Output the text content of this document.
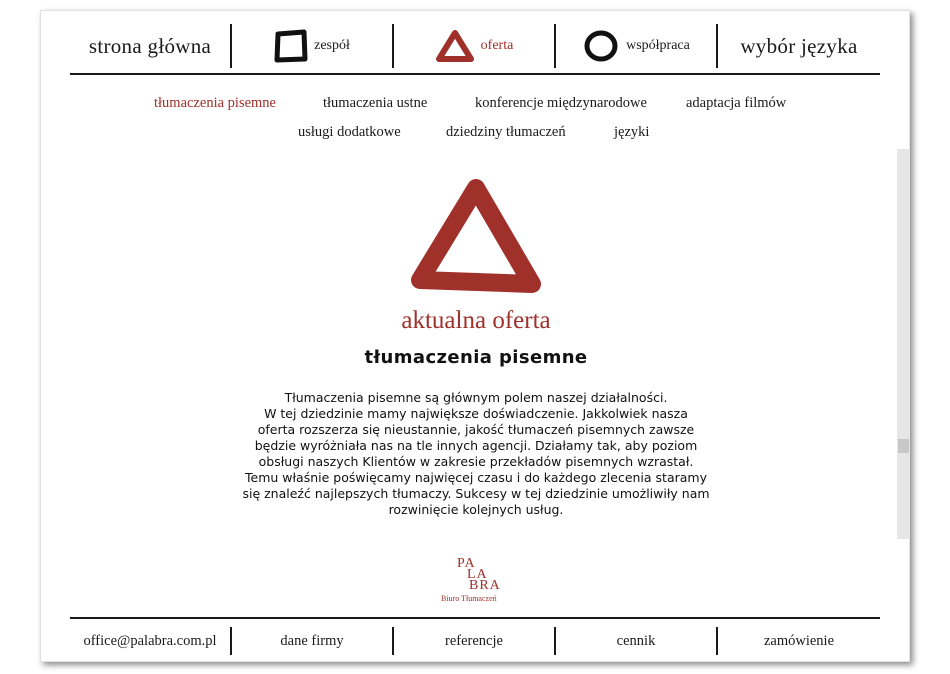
strona główna	zespół	oferta	współpraca	wybór języka
tłumaczenia pisemne	tłumaczenia ustne	konferencje międzynarodowe	adaptacja filmów
usługi dodatkowe	dziedziny tłumaczeń	języki
aktualna oferta
tłumaczenia pisemne
Tłumaczenia pisemne są głównym polem naszej działalności.
W tej dziedzinie mamy największe doświadczenie. Jakkolwiek nasza
oferta rozszerza się nieustannie, jakość tłumaczeń pisemnych zawsze
będzie wyróżniała nas na tle innych agencji. Działamy tak, aby poziom
obsługi naszych Klientów w zakresie przekładów pisemnych wzrastał.
Temu właśnie poświęcamy najwięcej czasu i do każdego zlecenia staramy
się znaleźć najlepszych tłumaczy. Sukcesy w tej dziedzinie umożliwiły nam
rozwinięcie kolejnych usług.
PA
LA
BRA
Biuro Tłumaczeń
office@palabra.com.pl	dane firmy	referencje	cennik	zamówienie
